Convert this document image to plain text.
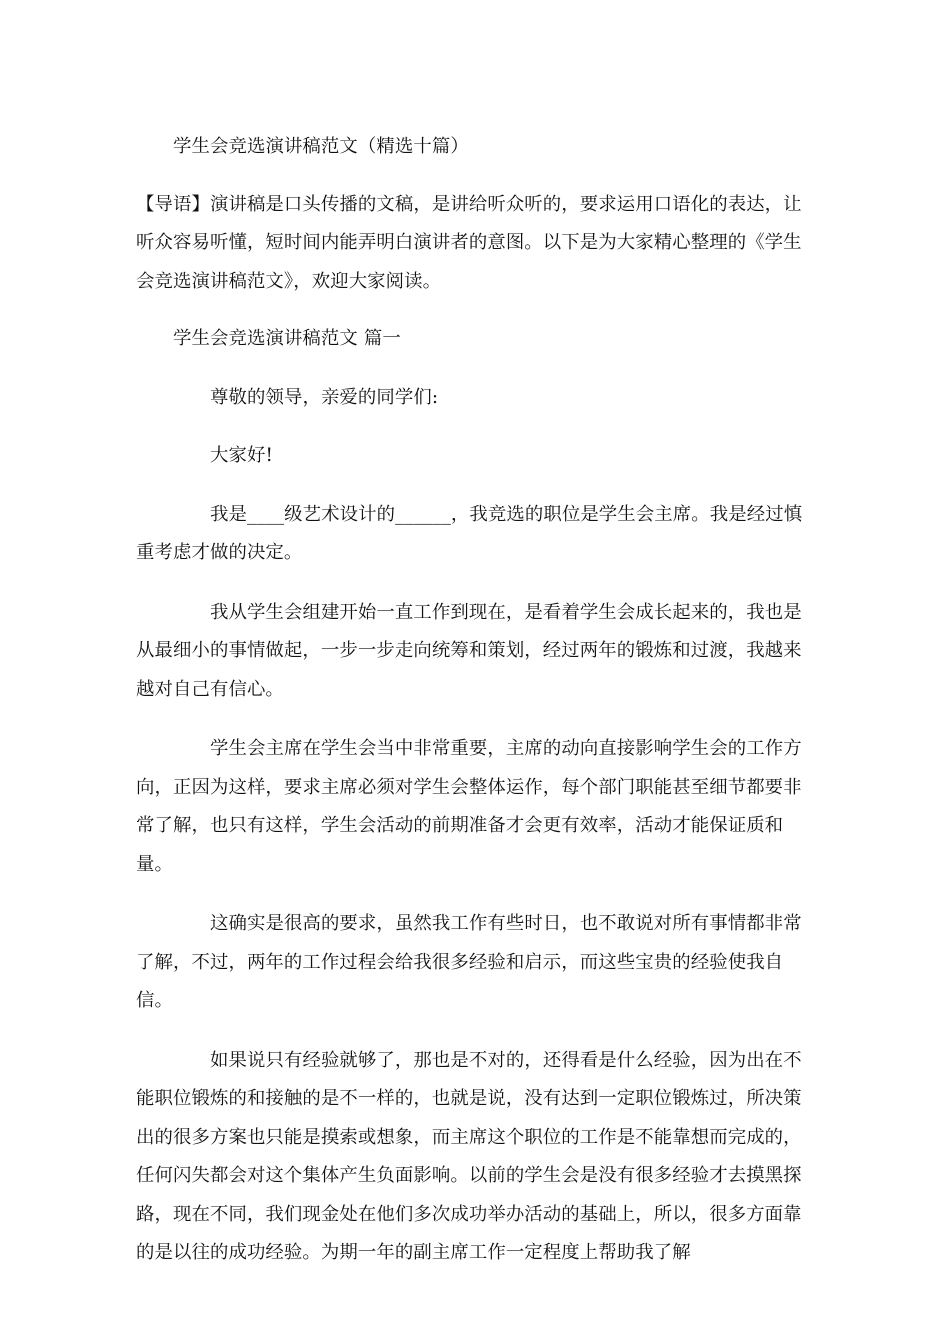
学生会竞选演讲稿范文（精选十篇）

【导语】演讲稿是口头传播的文稿，是讲给听众听的，要求运用口语化的表达，让听众容易听懂，短时间内能弄明白演讲者的意图。以下是为大家精心整理的《学生会竞选演讲稿范文》，欢迎大家阅读。

学生会竞选演讲稿范文 篇一

尊敬的领导，亲爱的同学们:

大家好!

我是____级艺术设计的______，我竞选的职位是学生会主席。我是经过慎重考虑才做的决定。

我从学生会组建开始一直工作到现在，是看着学生会成长起来的，我也是从最细小的事情做起，一步一步走向统筹和策划，经过两年的锻炼和过渡，我越来越对自己有信心。

学生会主席在学生会当中非常重要，主席的动向直接影响学生会的工作方向，正因为这样，要求主席必须对学生会整体运作，每个部门职能甚至细节都要非常了解，也只有这样，学生会活动的前期准备才会更有效率，活动才能保证质和量。

这确实是很高的要求，虽然我工作有些时日，也不敢说对所有事情都非常了解，不过，两年的工作过程会给我很多经验和启示，而这些宝贵的经验使我自信。

如果说只有经验就够了，那也是不对的，还得看是什么经验，因为出在不能职位锻炼的和接触的是不一样的，也就是说，没有达到一定职位锻炼过，所决策出的很多方案也只能是摸索或想象，而主席这个职位的工作是不能靠想而完成的，任何闪失都会对这个集体产生负面影响。以前的学生会是没有很多经验才去摸黑探路，现在不同，我们现金处在他们多次成功举办活动的基础上，所以，很多方面靠的是以往的成功经验。为期一年的副主席工作一定程度上帮助我了解
